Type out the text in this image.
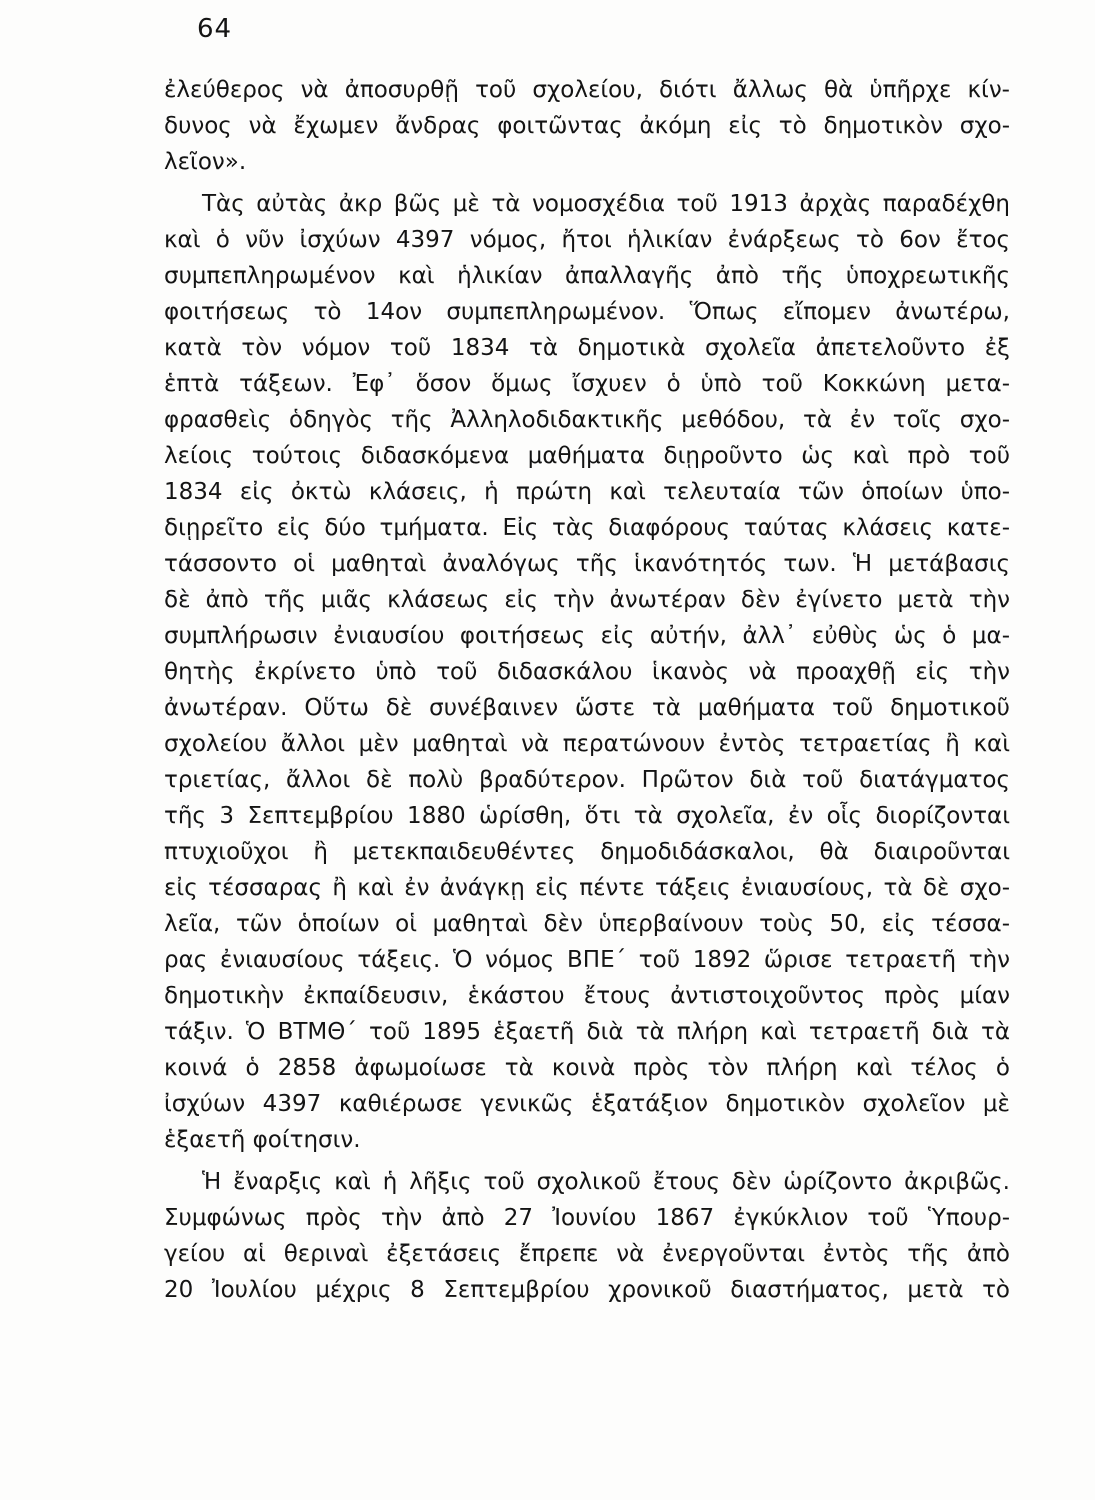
64
ἐλεύθερος νὰ ἀποσυρθῇ τοῦ σχολείου, διότι ἄλλως θὰ ὑπῆρχε κίν-
δυνος νὰ ἔχωμεν ἄνδρας φοιτῶντας ἀκόμη εἰς τὸ δημοτικὸν σχο-
λεῖον».
Τὰς αὐτὰς ἀκρ βῶς μὲ τὰ νομοσχέδια τοῦ 1913 ἀρχὰς παραδέχθη
καὶ ὁ νῦν ἰσχύων 4397 νόμος, ἤτοι ἡλικίαν ἐνάρξεως τὸ 6ον ἔτος
συμπεπληρωμένον καὶ ἡλικίαν ἀπαλλαγῆς ἀπὸ τῆς ὑποχρεωτικῆς
φοιτήσεως τὸ 14ον συμπεπληρωμένον. Ὅπως εἴπομεν ἀνωτέρω,
κατὰ τὸν νόμον τοῦ 1834 τὰ δημοτικὰ σχολεῖα ἀπετελοῦντο ἐξ
ἑπτὰ τάξεων. Ἐφ᾽ ὅσον ὅμως ἴσχυεν ὁ ὑπὸ τοῦ Κοκκώνη μετα-
φρασθεὶς ὁδηγὸς τῆς Ἀλληλοδιδακτικῆς μεθόδου, τὰ ἐν τοῖς σχο-
λείοις τούτοις διδασκόμενα μαθήματα διῃροῦντο ὡς καὶ πρὸ τοῦ
1834 εἰς ὀκτὼ κλάσεις, ἡ πρώτη καὶ τελευταία τῶν ὁποίων ὑπο-
διῃρεῖτο εἰς δύο τμήματα. Εἰς τὰς διαφόρους ταύτας κλάσεις κατε-
τάσσοντο οἱ μαθηταὶ ἀναλόγως τῆς ἱκανότητός των. Ἡ μετάβασις
δὲ ἀπὸ τῆς μιᾶς κλάσεως εἰς τὴν ἀνωτέραν δὲν ἐγίνετο μετὰ τὴν
συμπλήρωσιν ἐνιαυσίου φοιτήσεως εἰς αὐτήν, ἀλλ᾽ εὐθὺς ὡς ὁ μα-
θητὴς ἐκρίνετο ὑπὸ τοῦ διδασκάλου ἱκανὸς νὰ προαχθῇ εἰς τὴν
ἀνωτέραν. Οὕτω δὲ συνέβαινεν ὥστε τὰ μαθήματα τοῦ δημοτικοῦ
σχολείου ἄλλοι μὲν μαθηταὶ νὰ περατώνουν ἐντὸς τετραετίας ἢ καὶ
τριετίας, ἄλλοι δὲ πολὺ βραδύτερον. Πρῶτον διὰ τοῦ διατάγματος
τῆς 3 Σεπτεμβρίου 1880 ὡρίσθη, ὅτι τὰ σχολεῖα, ἐν οἷς διορίζονται
πτυχιοῦχοι ἢ μετεκπαιδευθέντες δημοδιδάσκαλοι, θὰ διαιροῦνται
εἰς τέσσαρας ἢ καὶ ἐν ἀνάγκῃ εἰς πέντε τάξεις ἐνιαυσίους, τὰ δὲ σχο-
λεῖα, τῶν ὁποίων οἱ μαθηταὶ δὲν ὑπερβαίνουν τοὺς 50, εἰς τέσσα-
ρας ἐνιαυσίους τάξεις. Ὁ νόμος ΒΠΕ΄ τοῦ 1892 ὥρισε τετραετῆ τὴν
δημοτικὴν ἐκπαίδευσιν, ἑκάστου ἔτους ἀντιστοιχοῦντος πρὸς μίαν
τάξιν. Ὁ ΒΤΜΘ΄ τοῦ 1895 ἑξαετῆ διὰ τὰ πλήρη καὶ τετραετῆ διὰ τὰ
κοινά ὁ 2858 ἀφωμοίωσε τὰ κοινὰ πρὸς τὸν πλήρη καὶ τέλος ὁ
ἰσχύων 4397 καθιέρωσε γενικῶς ἑξατάξιον δημοτικὸν σχολεῖον μὲ
ἑξαετῆ φοίτησιν.
Ἡ ἔναρξις καὶ ἡ λῆξις τοῦ σχολικοῦ ἔτους δὲν ὡρίζοντο ἀκριβῶς.
Συμφώνως πρὸς τὴν ἀπὸ 27 Ἰουνίου 1867 ἐγκύκλιον τοῦ Ὑπουρ-
γείου αἱ θεριναὶ ἐξετάσεις ἔπρεπε νὰ ἐνεργοῦνται ἐντὸς τῆς ἀπὸ
20 Ἰουλίου μέχρις 8 Σεπτεμβρίου χρονικοῦ διαστήματος, μετὰ τὸ
